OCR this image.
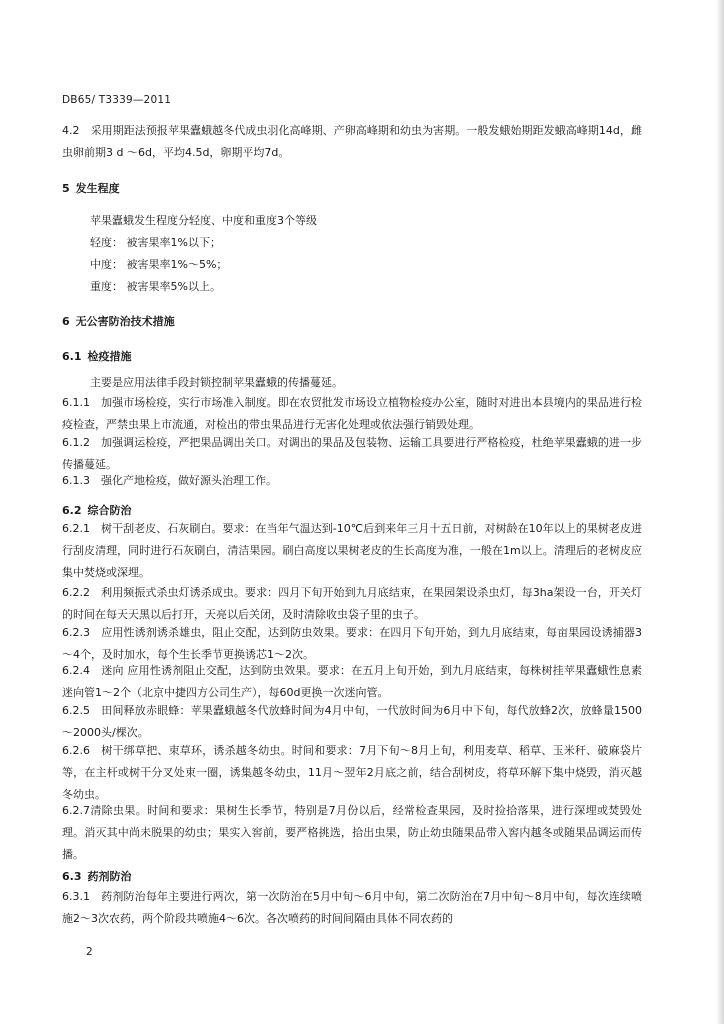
DB65/ T3339—2011
4.2　采用期距法预报苹果蠹蛾越冬代成虫羽化高峰期、产卵高峰期和幼虫为害期。一般发蛾始期距发蛾高峰期14d，雌虫卵前期3 d ～6d，平均4.5d，卵期平均7d。
5 发生程度
苹果蠹蛾发生程度分轻度、中度和重度3个等级
轻度： 被害果率1%以下；
中度： 被害果率1%～5%；
重度： 被害果率5%以上。
6 无公害防治技术措施
6.1 检疫措施
主要是应用法律手段封锁控制苹果蠹蛾的传播蔓延。
6.1.1　加强市场检疫，实行市场准入制度。即在农贸批发市场设立植物检疫办公室，随时对进出本县境内的果品进行检疫检查，严禁虫果上市流通，对检出的带虫果品进行无害化处理或依法强行销毁处理。
6.1.2　加强调运检疫，严把果品调出关口。对调出的果品及包装物、运输工具要进行严格检疫，杜绝苹果蠹蛾的进一步传播蔓延。
6.1.3　强化产地检疫，做好源头治理工作。
6.2 综合防治
6.2.1　树干刮老皮、石灰刷白。要求：在当年气温达到-10℃后到来年三月十五日前，对树龄在10年以上的果树老皮进行刮皮清理，同时进行石灰刷白，清洁果园。刷白高度以果树老皮的生长高度为准，一般在1m以上。清理后的老树皮应集中焚烧或深埋。
6.2.2　利用频振式杀虫灯诱杀成虫。要求：四月下旬开始到九月底结束，在果园架设杀虫灯，每3ha架设一台，开关灯的时间在每天天黑以后打开，天亮以后关闭，及时清除收虫袋子里的虫子。
6.2.3　应用性诱剂诱杀雄虫，阻止交配，达到防虫效果。要求：在四月下旬开始，到九月底结束，每亩果园设诱捕器3～4个，及时加水，每个生长季节更换诱芯1～2次。
6.2.4　迷向 应用性诱剂阻止交配，达到防虫效果。要求：在五月上旬开始，到九月底结束，每株树挂苹果蠹蛾性息素迷向管1～2个（北京中捷四方公司生产），每60d更换一次迷向管。
6.2.5　田间释放赤眼蜂：苹果蠹蛾越冬代放蜂时间为4月中旬，一代放时间为6月中下旬，每代放蜂2次，放蜂量1500～2000头/棵次。
6.2.6　树干绑草把、束草环，诱杀越冬幼虫。时间和要求：7月下旬～8月上旬，利用麦草、稻草、玉米秆、破麻袋片等，在主杆或树干分叉处束一圈，诱集越冬幼虫，11月～翌年2月底之前，结合刮树皮，将草环解下集中烧毁，消灭越冬幼虫。
6.2.7清除虫果。时间和要求：果树生长季节，特别是7月份以后，经常检查果园，及时捡拾落果，进行深埋或焚毁处理。消灭其中尚未脱果的幼虫；果实入窖前，要严格挑选，拾出虫果，防止幼虫随果品带入窖内越冬或随果品调运而传播。
6.3 药剂防治
6.3.1　药剂防治每年主要进行两次，第一次防治在5月中旬～6月中旬，第二次防治在7月中旬～8月中旬，每次连续喷施2～3次农药，两个阶段共喷施4～6次。各次喷药的时间间隔由具体不同农药的
2
